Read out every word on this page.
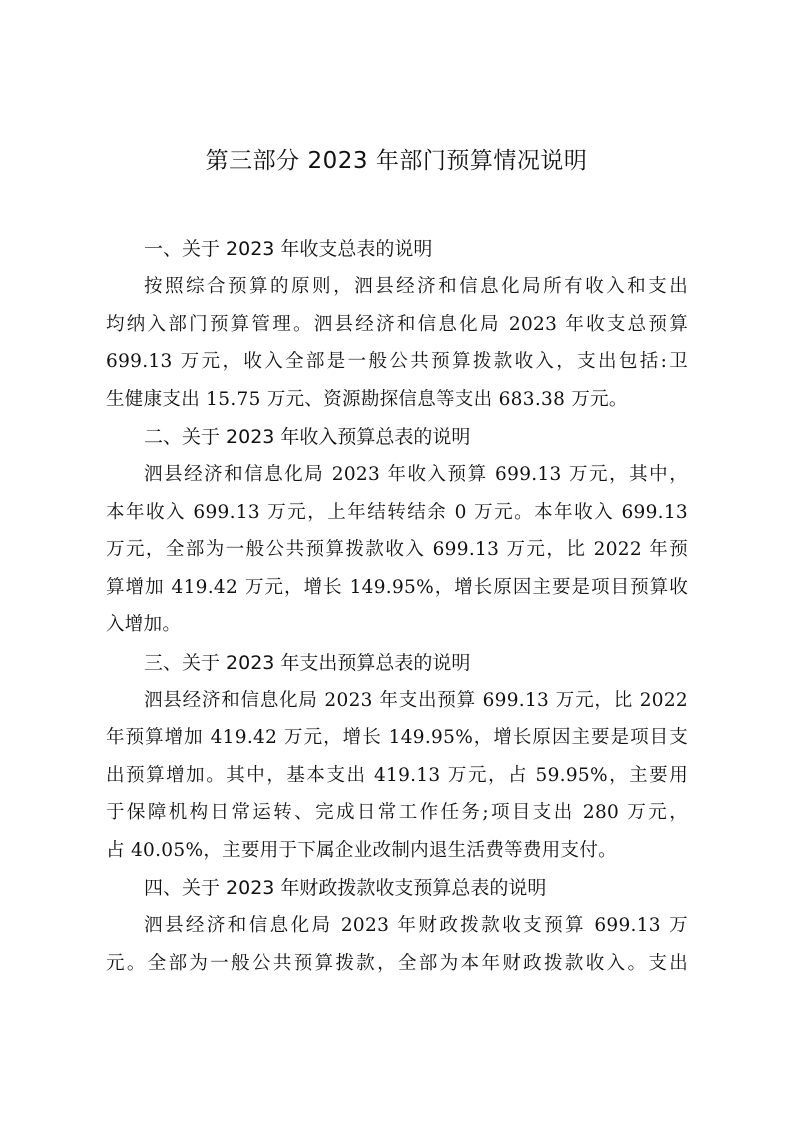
第三部分 2023 年部门预算情况说明
一、关于 2023 年收支总表的说明

按照综合预算的原则，泗县经济和信息化局所有收入和支出
均纳入部门预算管理。泗县经济和信息化局 2023 年收支总预算
699.13 万元，收入全部是一般公共预算拨款收入，支出包括:卫
生健康支出 15.75 万元、资源勘探信息等支出 683.38 万元。

二、关于 2023 年收入预算总表的说明

泗县经济和信息化局 2023 年收入预算 699.13 万元，其中，
本年收入 699.13 万元，上年结转结余 0 万元。本年收入 699.13
万元，全部为一般公共预算拨款收入 699.13 万元，比 2022 年预
算增加 419.42 万元，增长 149.95%，增长原因主要是项目预算收
入增加。

三、关于 2023 年支出预算总表的说明

泗县经济和信息化局 2023 年支出预算 699.13 万元，比 2022
年预算增加 419.42 万元，增长 149.95%，增长原因主要是项目支
出预算增加。其中，基本支出 419.13 万元，占 59.95%，主要用
于保障机构日常运转、完成日常工作任务;项目支出 280 万元，
占 40.05%，主要用于下属企业改制内退生活费等费用支付。

四、关于 2023 年财政拨款收支预算总表的说明

泗县经济和信息化局 2023 年财政拨款收支预算 699.13 万
元。全部为一般公共预算拨款，全部为本年财政拨款收入。支出
